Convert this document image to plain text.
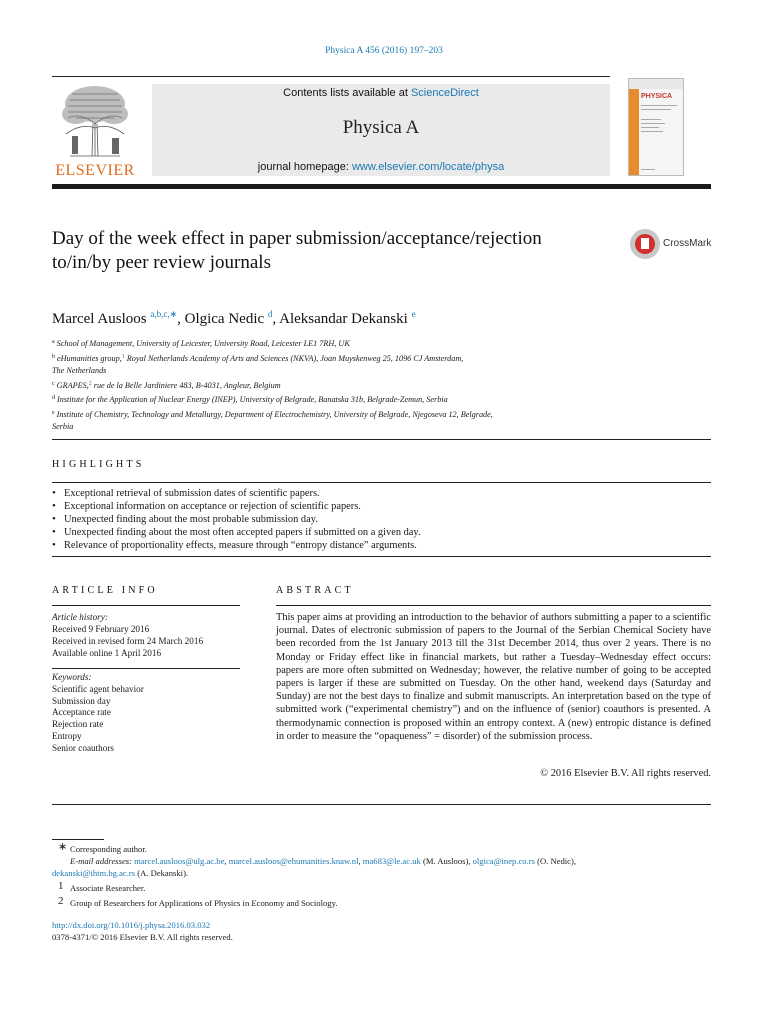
Physica A 456 (2016) 197–203
ELSEVIER
Contents lists available at ScienceDirect
Physica A
journal homepage: www.elsevier.com/locate/physa
PHYSICA
Day of the week effect in paper submission/acceptance/rejection to/in/by peer review journals
CrossMark
Marcel Ausloos $^{a,b,c,∗}$, Olgica Nedic $^d$, Aleksandar Dekanski $^e$
$^a$ School of Management, University of Leicester, University Road, Leicester LE1 7RH, UK
$^b$ eHumanities group,$^1$ Royal Netherlands Academy of Arts and Sciences (NKVA), Joan Muyskenweg 25, 1096 CJ Amsterdam,
The Netherlands
$^c$ GRAPES,$^2$ rue de la Belle Jardiniere 483, B-4031, Angleur, Belgium
$^d$ Institute for the Application of Nuclear Energy (INEP), University of Belgrade, Banatska 31b, Belgrade-Zemun, Serbia
$^e$ Institute of Chemistry, Technology and Metallurgy, Department of Electrochemistry, University of Belgrade, Njegoseva 12, Belgrade,
Serbia
HIGHLIGHTS
• Exceptional retrieval of submission dates of scientific papers.
• Exceptional information on acceptance or rejection of scientific papers.
• Unexpected finding about the most probable submission day.
• Unexpected finding about the most often accepted papers if submitted on a given day.
• Relevance of proportionality effects, measure through “entropy distance” arguments.
ARTICLE INFO	ABSTRACT
Article history:
Received 9 February 2016
Received in revised form 24 March 2016
Available online 1 April 2016
Keywords:
Scientific agent behavior
Submission day
Acceptance rate
Rejection rate
Entropy
Senior coauthors
This paper aims at providing an introduction to the behavior of authors submitting a paper to a scientific journal. Dates of electronic submission of papers to the Journal of the Serbian Chemical Society have been recorded from the 1st January 2013 till the 31st December 2014, thus over 2 years. There is no Monday or Friday effect like in financial markets, but rather a Tuesday–Wednesday effect occurs: papers are more often submitted on Wednesday; however, the relative number of going to be accepted papers is larger if these are submitted on Tuesday. On the other hand, weekend days (Saturday and Sunday) are not the best days to finalize and submit manuscripts. An interpretation based on the type of submitted work (“experimental chemistry”) and on the influence of (senior) coauthors is presented. A thermodynamic connection is proposed within an entropy context. A (new) entropic distance is defined in order to measure the “opaqueness” = disorder) of the submission process.
© 2016 Elsevier B.V. All rights reserved.
∗ Corresponding author.
E-mail addresses: marcel.ausloos@ulg.ac.be, marcel.ausloos@ehumanities.knaw.nl, ma683@le.ac.uk (M. Ausloos), olgica@inep.co.rs (O. Nedic),
dekanski@ihtm.bg.ac.rs (A. Dekanski).
1 Associate Researcher.
2 Group of Researchers for Applications of Physics in Economy and Sociology.
http://dx.doi.org/10.1016/j.physa.2016.03.032
0378-4371/© 2016 Elsevier B.V. All rights reserved.
